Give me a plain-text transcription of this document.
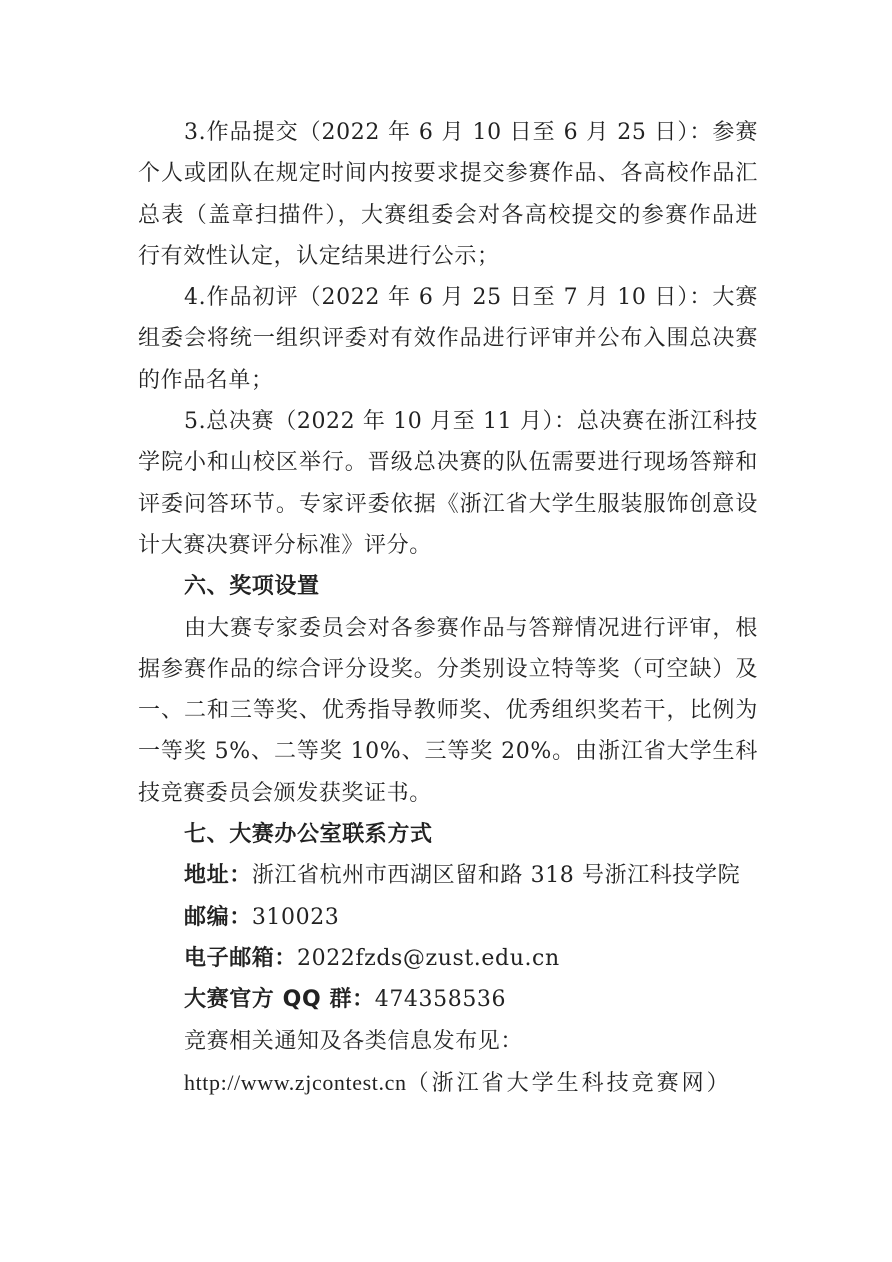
3.作品提交（2022 年 6 月 10 日至 6 月 25 日）：参赛个人或团队在规定时间内按要求提交参赛作品、各高校作品汇总表（盖章扫描件），大赛组委会对各高校提交的参赛作品进行有效性认定，认定结果进行公示；

4.作品初评（2022 年 6 月 25 日至 7 月 10 日）：大赛组委会将统一组织评委对有效作品进行评审并公布入围总决赛的作品名单；

5.总决赛（2022 年 10 月至 11 月）：总决赛在浙江科技学院小和山校区举行。晋级总决赛的队伍需要进行现场答辩和评委问答环节。专家评委依据《浙江省大学生服装服饰创意设计大赛决赛评分标准》评分。

六、奖项设置

由大赛专家委员会对各参赛作品与答辩情况进行评审，根据参赛作品的综合评分设奖。分类别设立特等奖（可空缺）及一、二和三等奖、优秀指导教师奖、优秀组织奖若干，比例为一等奖 5%、二等奖 10%、三等奖 20%。由浙江省大学生科技竞赛委员会颁发获奖证书。

七、大赛办公室联系方式

地址：浙江省杭州市西湖区留和路 318 号浙江科技学院

邮编：310023

电子邮箱：2022fzds@zust.edu.cn

大赛官方 QQ 群：474358536

竞赛相关通知及各类信息发布见：

http://www.zjcontest.cn（浙江省大学生科技竞赛网）
